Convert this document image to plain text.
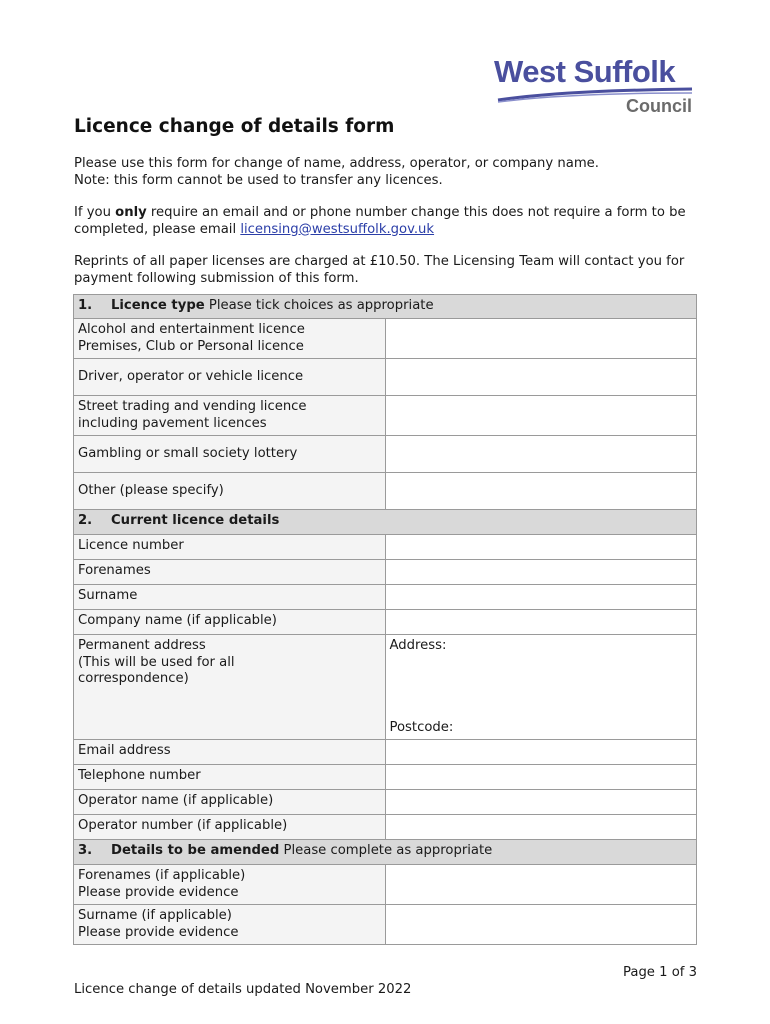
West Suffolk
Council
Licence change of details form

Please use this form for change of name, address, operator, or company name.
Note: this form cannot be used to transfer any licences.

If you only require an email and or phone number change this does not require a form to be completed, please email licensing@westsuffolk.gov.uk

Reprints of all paper licenses are charged at £10.50. The Licensing Team will contact you for payment following submission of this form.

1. Licence type Please tick choices as appropriate	
Alcohol and entertainment licence
Premises, Club or Personal licence	
Driver, operator or vehicle licence	
Street trading and vending licence
including pavement licences	
Gambling or small society lottery	
Other (please specify)	
2. Current licence details	
Licence number	
Forenames	
Surname	
Company name (if applicable)	
Permanent address
(This will be used for all
correspondence)	Address:
Postcode:

Email address	
Telephone number	
Operator name (if applicable)	
Operator number (if applicable)	
3. Details to be amended Please complete as appropriate	
Forenames (if applicable)
Please provide evidence	
Surname (if applicable)
Please provide evidence	
Page 1 of 3
Licence change of details updated November 2022
